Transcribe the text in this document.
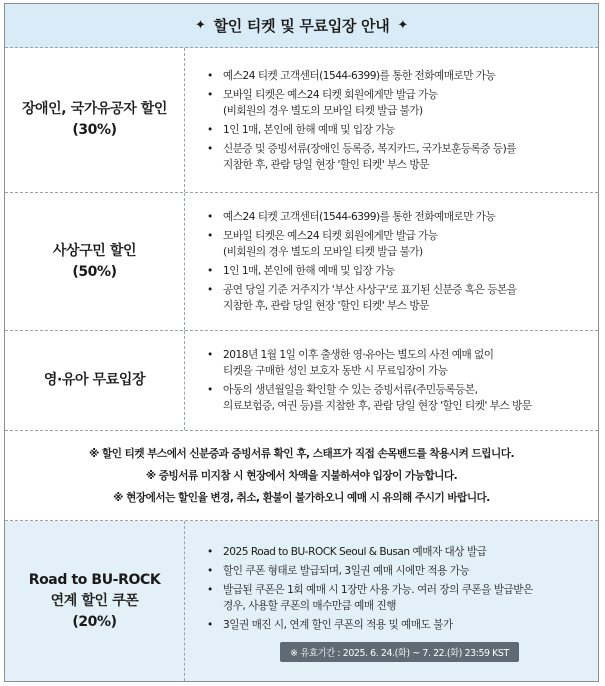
✦ 할인 티켓 및 무료입장 안내 ✦
장애인, 국가유공자 할인
(30%)
• 예스24 티켓 고객센터(1544-6399)를 통한 전화예매로만 가능
• 모바일 티켓은 예스24 티켓 회원에게만 발급 가능
(비회원의 경우 별도의 모바일 티켓 발급 불가)
• 1인 1매, 본인에 한해 예매 및 입장 가능
• 신분증 및 증빙서류(장애인 등록증, 복지카드, 국가보훈등록증 등)를
지참한 후, 관람 당일 현장 '할인 티켓' 부스 방문
사상구민 할인
(50%)
• 예스24 티켓 고객센터(1544-6399)를 통한 전화예매로만 가능
• 모바일 티켓은 예스24 티켓 회원에게만 발급 가능
(비회원의 경우 별도의 모바일 티켓 발급 불가)
• 1인 1매, 본인에 한해 예매 및 입장 가능
• 공연 당일 기준 거주지가 '부산 사상구'로 표기된 신분증 혹은 등본을
지참한 후, 관람 당일 현장 '할인 티켓' 부스 방문
영·유아 무료입장
• 2018년 1월 1일 이후 출생한 영·유아는 별도의 사전 예매 없이
티켓을 구매한 성인 보호자 동반 시 무료입장이 가능
• 아동의 생년월일을 확인할 수 있는 증빙서류(주민등록등본,
의료보험증, 여권 등)를 지참한 후, 관람 당일 현장 '할인 티켓' 부스 방문

※ 할인 티켓 부스에서 신분증과 증빙서류 확인 후, 스태프가 직접 손목밴드를 착용시켜 드립니다.

※ 증빙서류 미지참 시 현장에서 차액을 지불하셔야 입장이 가능합니다.

※ 현장에서는 할인율 변경, 취소, 환불이 불가하오니 예매 시 유의해 주시기 바랍니다.

Road to BU-ROCK
연계 할인 쿠폰
(20%)
• 2025 Road to BU-ROCK Seoul & Busan 예매자 대상 발급
• 할인 쿠폰 형태로 발급되며, 3일권 예매 시에만 적용 가능
• 발급된 쿠폰은 1회 예매 시 1장만 사용 가능. 여러 장의 쿠폰을 발급받은
경우, 사용할 쿠폰의 매수만큼 예매 진행
• 3일권 매진 시, 연계 할인 쿠폰의 적용 및 예매도 불가
※ 유효기간 : 2025. 6. 24.(화) ~ 7. 22.(화) 23:59 KST
